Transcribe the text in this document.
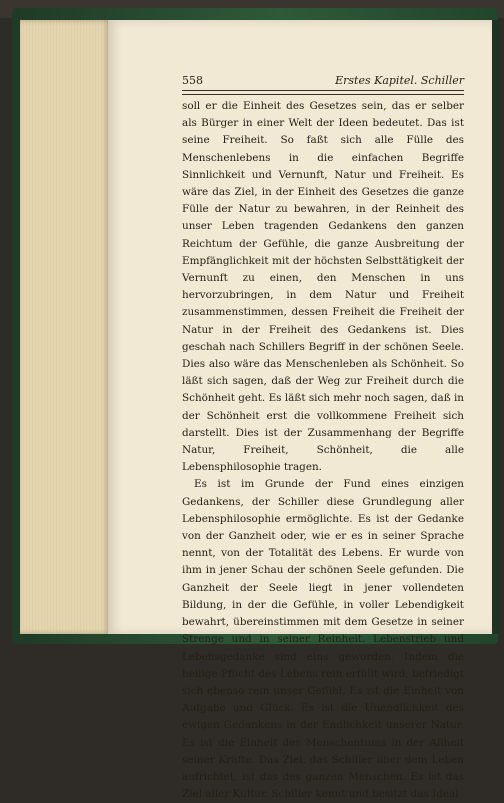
558	Erstes Kapitel. Schiller

soll er die Einheit des Gesetzes sein, das er selber als Bürger in einer Welt der Ideen bedeutet. Das ist seine Freiheit. So faßt sich alle Fülle des Menschenlebens in die einfachen Begriffe Sinnlichkeit und Vernunft, Natur und Freiheit. Es wäre das Ziel, in der Einheit des Gesetzes die ganze Fülle der Natur zu bewahren, in der Reinheit des unser Leben tragenden Gedankens den ganzen Reichtum der Gefühle, die ganze Ausbreitung der Empfänglichkeit mit der höchsten Selbsttätigkeit der Vernunft zu einen, den Menschen in uns hervorzubringen, in dem Natur und Freiheit zusammenstimmen, dessen Freiheit die Freiheit der Natur in der Freiheit des Gedankens ist. Dies geschah nach Schillers Begriff in der schönen Seele. Dies also wäre das Menschenleben als Schönheit. So läßt sich sagen, daß der Weg zur Freiheit durch die Schönheit geht. Es läßt sich mehr noch sagen, daß in der Schönheit erst die vollkommene Freiheit sich darstellt. Dies ist der Zusammenhang der Begriffe Natur, Freiheit, Schönheit, die alle Lebensphilosophie tragen.

Es ist im Grunde der Fund eines einzigen Gedankens, der Schiller diese Grundlegung aller Lebensphilosophie ermöglichte. Es ist der Gedanke von der Ganzheit oder, wie er es in seiner Sprache nennt, von der Totalität des Lebens. Er wurde von ihm in jener Schau der schönen Seele gefunden. Die Ganzheit der Seele liegt in jener vollendeten Bildung, in der die Gefühle, in voller Lebendigkeit bewahrt, übereinstimmen mit dem Gesetze in seiner Strenge und in seiner Reinheit. Lebenstrieb und Lebensgedanke sind eins geworden. Indem die heilige Pflicht des Lebens rein erfüllt wird, befriedigt sich ebenso rein unser Gefühl. Es ist die Einheit von Aufgabe und Glück. Es ist die Unendlichkeit des ewigen Gedankens in der Endlichkeit unserer Natur. Es ist die Einheit des Menschentums in der Allheit seiner Kräfte. Das Ziel, das Schiller über dem Leben aufrichtet, ist das des ganzen Menschen. Es ist das Ziel aller Kultur. Schiller kennt und besitzt das Ideal
